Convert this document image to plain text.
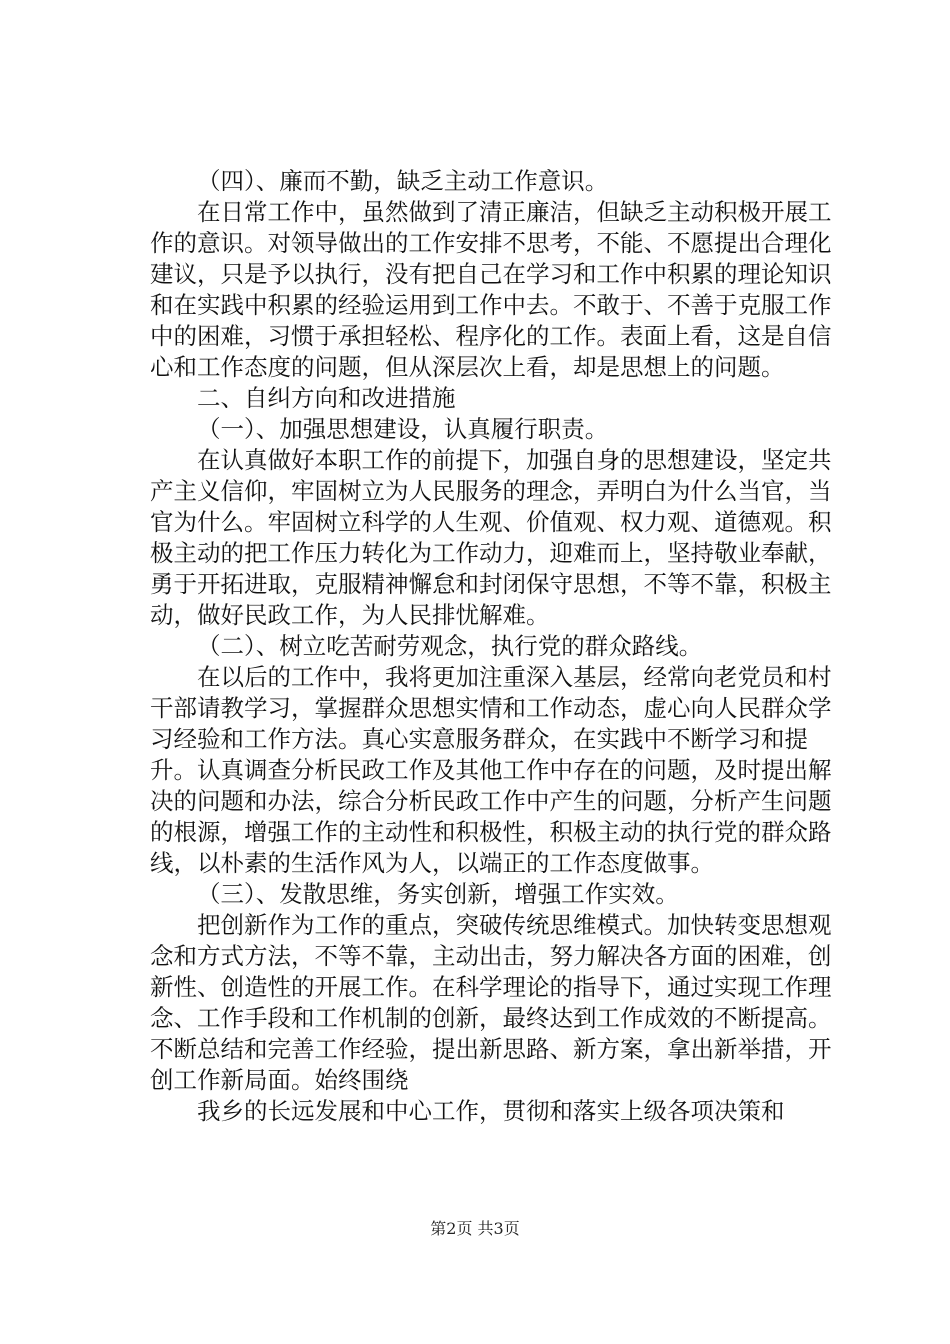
（四）、廉而不勤，缺乏主动工作意识。

在日常工作中，虽然做到了清正廉洁，但缺乏主动积极开展工作的意识。对领导做出的工作安排不思考，不能、不愿提出合理化建议，只是予以执行，没有把自己在学习和工作中积累的理论知识和在实践中积累的经验运用到工作中去。不敢于、不善于克服工作中的困难，习惯于承担轻松、程序化的工作。表面上看，这是自信心和工作态度的问题，但从深层次上看，却是思想上的问题。

二、自纠方向和改进措施

（一）、加强思想建设，认真履行职责。

在认真做好本职工作的前提下，加强自身的思想建设，坚定共产主义信仰，牢固树立为人民服务的理念，弄明白为什么当官，当官为什么。牢固树立科学的人生观、价值观、权力观、道德观。积极主动的把工作压力转化为工作动力，迎难而上，坚持敬业奉献，勇于开拓进取，克服精神懈怠和封闭保守思想，不等不靠，积极主动，做好民政工作，为人民排忧解难。

（二）、树立吃苦耐劳观念，执行党的群众路线。

在以后的工作中，我将更加注重深入基层，经常向老党员和村干部请教学习，掌握群众思想实情和工作动态，虚心向人民群众学习经验和工作方法。真心实意服务群众，在实践中不断学习和提升。认真调查分析民政工作及其他工作中存在的问题，及时提出解决的问题和办法，综合分析民政工作中产生的问题，分析产生问题的根源，增强工作的主动性和积极性，积极主动的执行党的群众路线，以朴素的生活作风为人，以端正的工作态度做事。

（三）、发散思维，务实创新，增强工作实效。

把创新作为工作的重点，突破传统思维模式。加快转变思想观念和方式方法，不等不靠，主动出击，努力解决各方面的困难，创新性、创造性的开展工作。在科学理论的指导下，通过实现工作理念、工作手段和工作机制的创新，最终达到工作成效的不断提高。不断总结和完善工作经验，提出新思路、新方案，拿出新举措，开创工作新局面。始终围绕

我乡的长远发展和中心工作，贯彻和落实上级各项决策和

第2页 共3页
